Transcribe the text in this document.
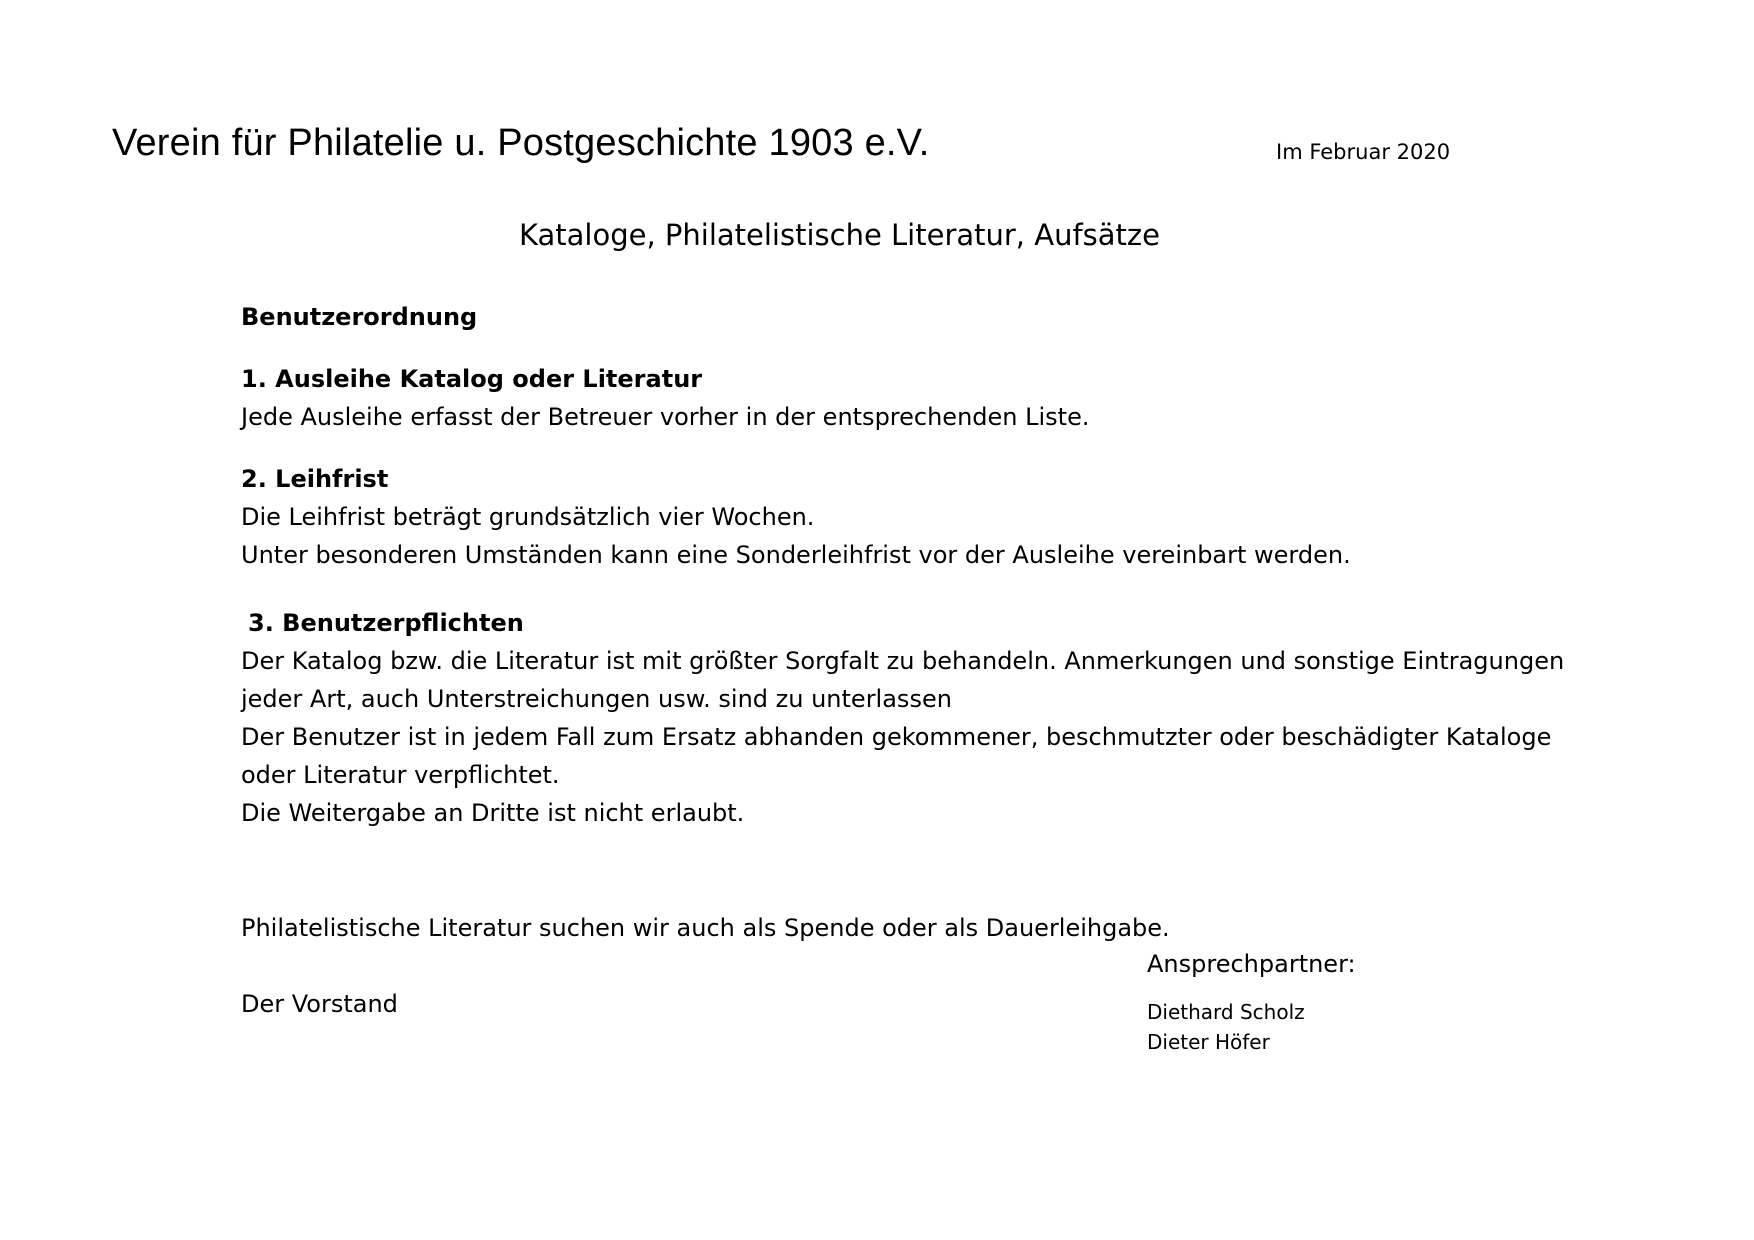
Verein für Philatelie u. Postgeschichte 1903 e.V.	Im Februar 2020
Kataloge, Philatelistische Literatur, Aufsätze

Benutzerordnung

1. Ausleihe Katalog oder Literatur

Jede Ausleihe erfasst der Betreuer vorher in der entsprechenden Liste.

2. Leihfrist

Die Leihfrist beträgt grundsätzlich vier Wochen.

Unter besonderen Umständen kann eine Sonderleihfrist vor der Ausleihe vereinbart werden.

3. Benutzerpflichten

Der Katalog bzw. die Literatur ist mit größter Sorgfalt zu behandeln. Anmerkungen und sonstige Eintragungen

jeder Art, auch Unterstreichungen usw. sind zu unterlassen

Der Benutzer ist in jedem Fall zum Ersatz abhanden gekommener, beschmutzter oder beschädigter Kataloge

oder Literatur verpflichtet.

Die Weitergabe an Dritte ist nicht erlaubt.

Philatelistische Literatur suchen wir auch als Spende oder als Dauerleihgabe.
Ansprechpartner:
Der Vorstand	Diethard Scholz
Dieter Höfer
